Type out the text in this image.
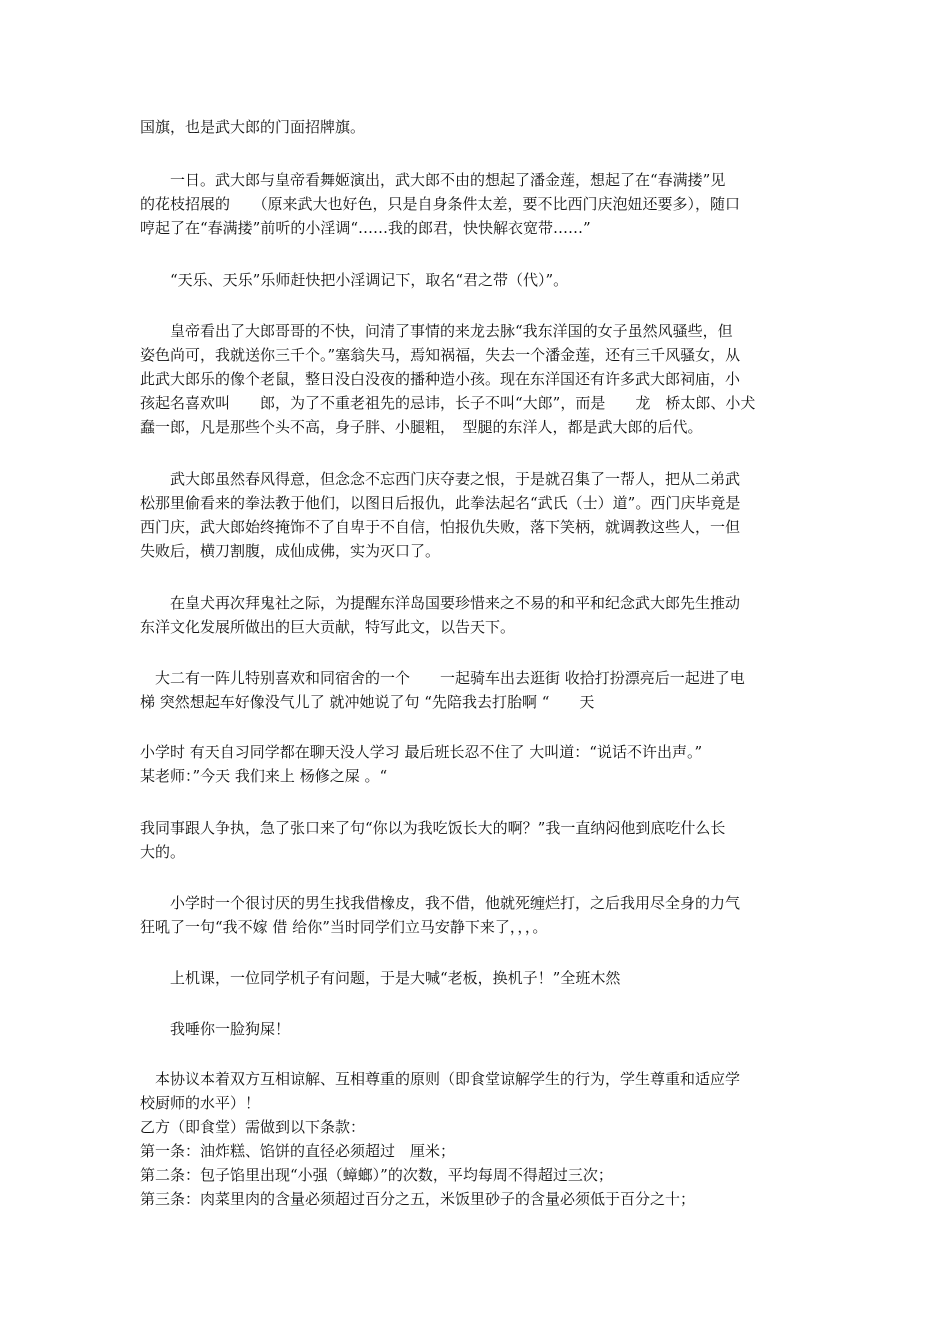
国旗，也是武大郎的门面招牌旗。
　　一日。武大郎与皇帝看舞姬演出，武大郎不由的想起了潘金莲，想起了在“春满搂”见
的花枝招展的　　（原来武大也好色，只是自身条件太差，要不比西门庆泡妞还要多），随口
哼起了在“春满搂”前听的小淫调“……我的郎君，快快解衣宽带……”
　　“天乐、天乐”乐师赶快把小淫调记下，取名“君之带（代）”。
　　皇帝看出了大郎哥哥的不快，问清了事情的来龙去脉“我东洋国的女子虽然风骚些，但
姿色尚可，我就送你三千个。”塞翁失马，焉知祸福，失去一个潘金莲，还有三千风骚女，从
此武大郎乐的像个老鼠，整日没白没夜的播种造小孩。现在东洋国还有许多武大郎祠庙，小
孩起名喜欢叫　　郎，为了不重老祖先的忌讳，长子不叫“大郎”，而是　　龙　桥太郎、小犬
蠢一郎，凡是那些个头不高，身子胖、小腿粗，　型腿的东洋人，都是武大郎的后代。
　　武大郎虽然春风得意，但念念不忘西门庆夺妻之恨，于是就召集了一帮人，把从二弟武
松那里偷看来的拳法教于他们，以图日后报仇，此拳法起名“武氏（士）道”。西门庆毕竟是
西门庆，武大郎始终掩饰不了自卑于不自信，怕报仇失败，落下笑柄，就调教这些人，一但
失败后，横刀割腹，成仙成佛，实为灭口了。
　　在皇犬再次拜鬼社之际，为提醒东洋岛国要珍惜来之不易的和平和纪念武大郎先生推动
东洋文化发展所做出的巨大贡献，特写此文，以告天下。
　大二有一阵儿特别喜欢和同宿舍的一个　　一起骑车出去逛街 收拾打扮漂亮后一起进了电
梯 突然想起车好像没气儿了 就冲她说了句 “先陪我去打胎啊 “　　天
小学时 有天自习同学都在聊天没人学习 最后班长忍不住了 大叫道：“说话不许出声。”
某老师：”今天 我们来上 杨修之屎 。“
我同事跟人争执，急了张口来了句“你以为我吃饭长大的啊？”我一直纳闷他到底吃什么长
大的。
　　小学时一个很讨厌的男生找我借橡皮，我不借，他就死缠烂打，之后我用尽全身的力气
狂吼了一句“我不嫁 借 给你”当时同学们立马安静下来了，，，。
　　上机课，一位同学机子有问题，于是大喊“老板，换机子！”全班木然
　　我唾你一脸狗屎！
　本协议本着双方互相谅解、互相尊重的原则（即食堂谅解学生的行为，学生尊重和适应学
校厨师的水平）！
乙方（即食堂）需做到以下条款：
第一条：油炸糕、馅饼的直径必须超过　厘米；
第二条：包子馅里出现“小强（蟑螂）”的次数，平均每周不得超过三次；
第三条：肉菜里肉的含量必须超过百分之五，米饭里砂子的含量必须低于百分之十；
